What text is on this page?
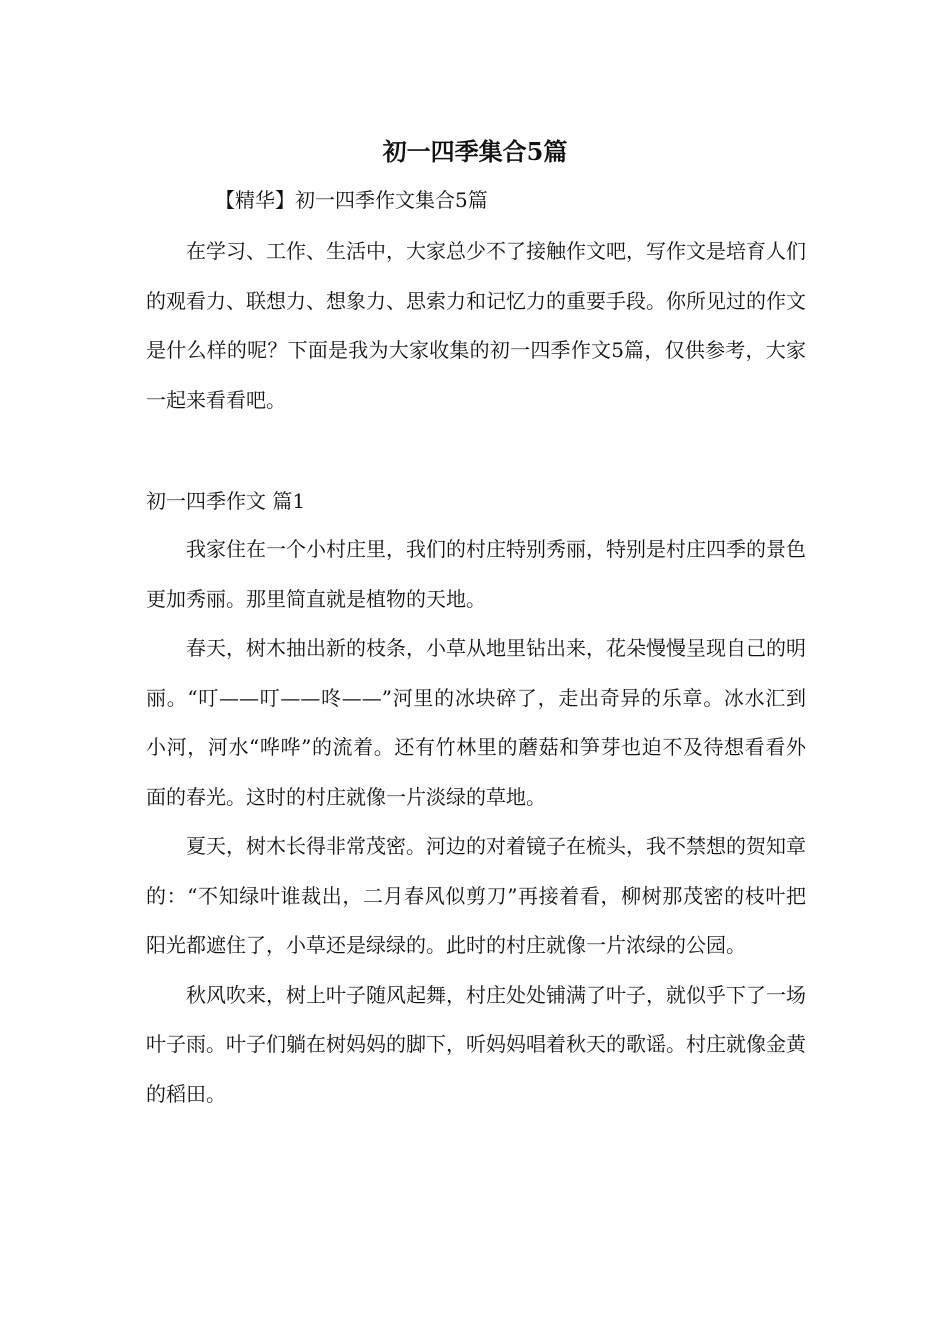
初一四季集合5篇
【精华】初一四季作文集合5篇

在学习、工作、生活中，大家总少不了接触作文吧，写作文是培育人们的观看力、联想力、想象力、思索力和记忆力的重要手段。你所见过的作文是什么样的呢？下面是我为大家收集的初一四季作文5篇，仅供参考，大家一起来看看吧。

初一四季作文 篇1

我家住在一个小村庄里，我们的村庄特别秀丽，特别是村庄四季的景色更加秀丽。那里简直就是植物的天地。

春天，树木抽出新的枝条，小草从地里钻出来，花朵慢慢呈现自己的明丽。“叮——叮——咚——”河里的冰块碎了，走出奇异的乐章。冰水汇到小河，河水“哗哗”的流着。还有竹林里的蘑菇和笋芽也迫不及待想看看外面的春光。这时的村庄就像一片淡绿的草地。

夏天，树木长得非常茂密。河边的对着镜子在梳头，我不禁想的贺知章的：“不知绿叶谁裁出，二月春风似剪刀”再接着看，柳树那茂密的枝叶把阳光都遮住了，小草还是绿绿的。此时的村庄就像一片浓绿的公园。

秋风吹来，树上叶子随风起舞，村庄处处铺满了叶子，就似乎下了一场叶子雨。叶子们躺在树妈妈的脚下，听妈妈唱着秋天的歌谣。村庄就像金黄的稻田。
